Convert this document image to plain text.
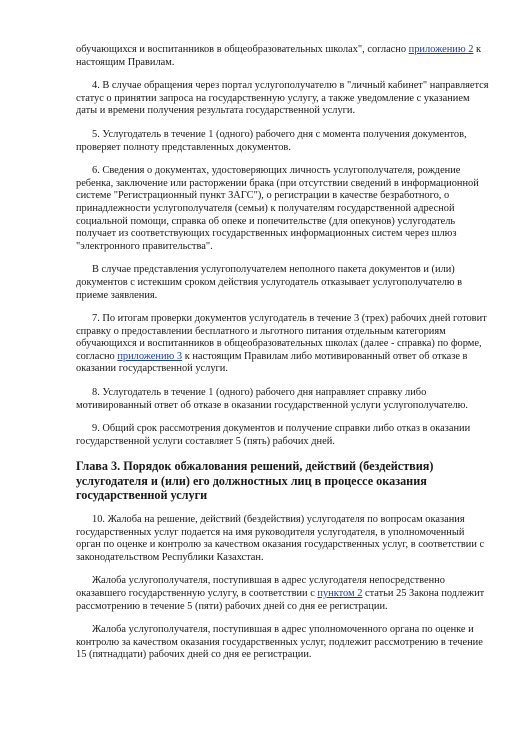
обучающихся и воспитанников в общеобразовательных школах", согласно приложению 2 к настоящим Правилам.

4. В случае обращения через портал услугополучателю в "личный кабинет" направляется статус о принятии запроса на государственную услугу, а также уведомление с указанием даты и времени получения результата государственной услуги.

5. Услугодатель в течение 1 (одного) рабочего дня с момента получения документов, проверяет полноту представленных документов.

6. Сведения о документах, удостоверяющих личность услугополучателя, рождение ребенка, заключение или расторжении брака (при отсутствии сведений в информационной системе "Регистрационный пункт ЗАГС"), о регистрации в качестве безработного, о принадлежности услугополучателя (семьи) к получателям государственной адресной социальной помощи, справка об опеке и попечительстве (для опекунов) услугодатель получает из соответствующих государственных информационных систем через шлюз "электронного правительства".

В случае представления услугополучателем неполного пакета документов и (или) документов с истекшим сроком действия услугодатель отказывает услугополучателю в приеме заявления.

7. По итогам проверки документов услугодатель в течение 3 (трех) рабочих дней готовит справку о предоставлении бесплатного и льготного питания отдельным категориям обучающихся и воспитанников в общеобразовательных школах (далее - справка) по форме, согласно приложению 3 к настоящим Правилам либо мотивированный ответ об отказе в оказании государственной услуги.

8. Услугодатель в течение 1 (одного) рабочего дня направляет справку либо мотивированный ответ об отказе в оказании государственной услуги услугополучателю.

9. Общий срок рассмотрения документов и получение справки либо отказ в оказании государственной услуги составляет 5 (пять) рабочих дней.

Глава 3. Порядок обжалования решений, действий (бездействия) услугодателя и (или) его должностных лиц в процессе оказания государственной услуги

10. Жалоба на решение, действий (бездействия) услугодателя по вопросам оказания государственных услуг подается на имя руководителя услугодателя, в уполномоченный орган по оценке и контролю за качеством оказания государственных услуг, в соответствии с законодательством Республики Казахстан.

Жалоба услугополучателя, поступившая в адрес услугодателя непосредственно оказавшего государственную услугу, в соответствии с пунктом 2 статьи 25 Закона подлежит рассмотрению в течение 5 (пяти) рабочих дней со дня ее регистрации.

Жалоба услугополучателя, поступившая в адрес уполномоченного органа по оценке и контролю за качеством оказания государственных услуг, подлежит рассмотрению в течение 15 (пятнадцати) рабочих дней со дня ее регистрации.
